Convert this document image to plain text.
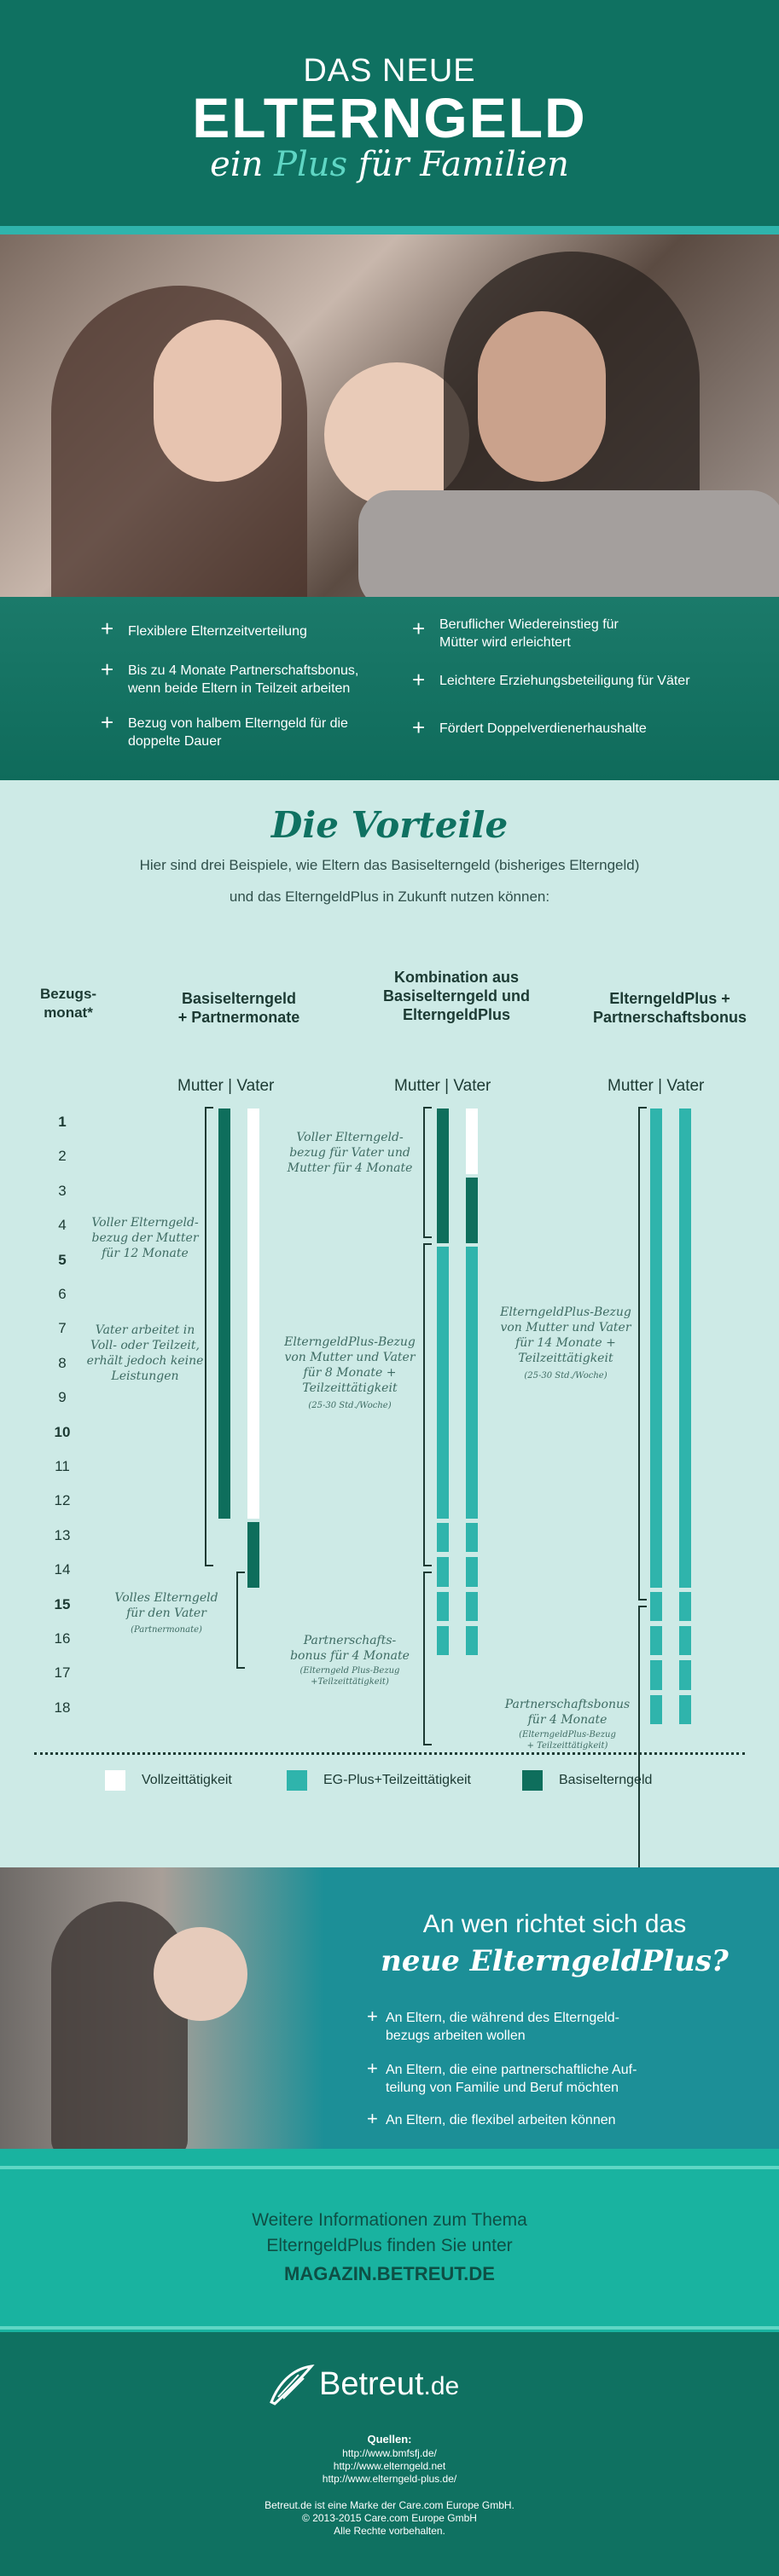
DAS NEUE
ELTERNGELD
ein Plus für Familien
+ Flexiblere Elternzeitverteilung
+ Bis zu 4 Monate Partnerschaftsbonus, wenn beide Eltern in Teilzeit arbeiten
+ Bezug von halbem Elterngeld für die doppelte Dauer
+ Beruflicher Wiedereinstieg für Mütter wird erleichtert
+ Leichtere Erziehungsbeteiligung für Väter
+ Fördert Doppelverdienerhaushalte
Die Vorteile
Hier sind drei Beispiele, wie Eltern das Basiselterngeld (bisheriges Elterngeld)
und das ElterngeldPlus in Zukunft nutzen können:
Bezugs-
monat*
Basiselterngeld
+ Partnermonate
Kombination aus
Basiselterngeld und
ElterngeldPlus
ElterngeldPlus +
Partnerschaftsbonus
Mutter | Vater	Mutter | Vater	Mutter | Vater
1
2
3
4
5
6
7
8
9
10
11
12
13
14
15
16
17
18
Voller Elterngeld-
bezug der Mutter
für 12 Monate
Vater arbeitet in
Voll- oder Teilzeit,
erhält jedoch keine
Leistungen
Volles Elterngeld
für den Vater
(Partnermonate)
Voller Elterngeld-
bezug für Vater und
Mutter für 4 Monate
ElterngeldPlus-Bezug
von Mutter und Vater
für 8 Monate +
Teilzeittätigkeit
(25-30 Std./Woche)
Partnerschafts-
bonus für 4 Monate
(Elterngeld Plus-Bezug
+Teilzeittätigkeit)
ElterngeldPlus-Bezug
von Mutter und Vater
für 14 Monate +
Teilzeittätigkeit
(25-30 Std./Woche)
Partnerschaftsbonus
für 4 Monate
(ElterngeldPlus-Bezug
+ Teilzeittätigkeit)
Vollzeittätigkeit	EG-Plus+Teilzeittätigkeit	Basiselterngeld
An wen richtet sich das
neue ElterngeldPlus?
+ An Eltern, die während des Elterngeld-
bezugs arbeiten wollen
+ An Eltern, die eine partnerschaftliche Auf-
teilung von Familie und Beruf möchten
+ An Eltern, die flexibel arbeiten können
Weitere Informationen zum Thema
ElterngeldPlus finden Sie unter
MAGAZIN.BETREUT.DE
Betreut.de
Quellen:
http://www.bmfsfj.de/
http://www.elterngeld.net
http://www.elterngeld-plus.de/
Betreut.de ist eine Marke der Care.com Europe GmbH.
© 2013-2015 Care.com Europe GmbH
Alle Rechte vorbehalten.
